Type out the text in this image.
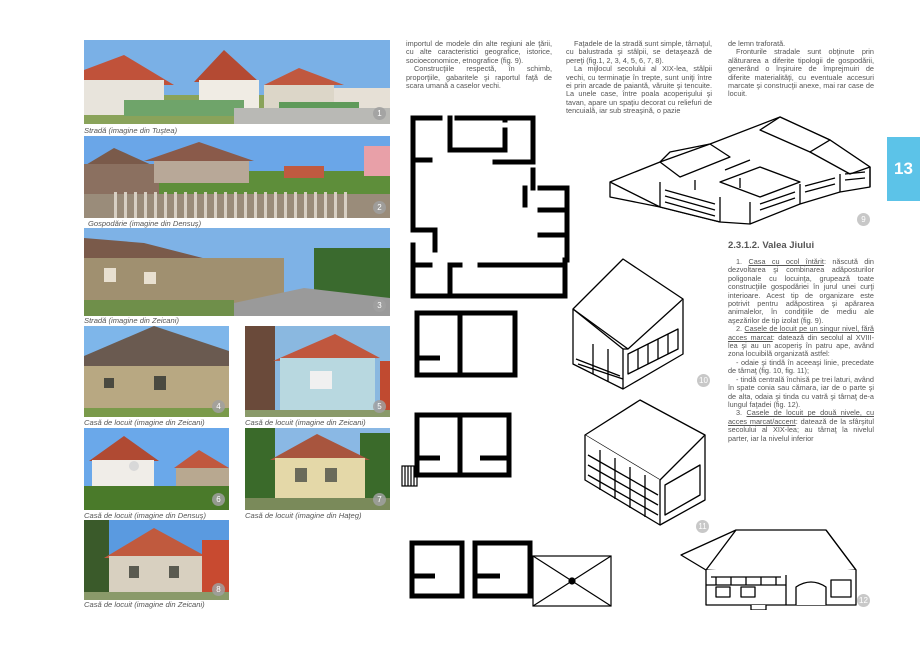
1
Stradă (imagine din Tuştea)
2
Gospodărie (imagine din Densuş)
3
Stradă (imagine din Zeicani)
4
Casă de locuit (imagine din Zeicani)
5
Casă de locuit (imagine din Zeicani)
6
Casă de locuit (imagine din Densuş)
7
Casă de locuit (imagine din Haţeg)
8
Casă de locuit (imagine din Zeicani)

importul de modele din alte regiuni ale ţării, cu alte caracteristici geografice, istorice, socioeconomice, etnografice (fig. 9).

Construcţiile respectă, în schimb, proporţiile, gabaritele şi raportul faţă de scara umană a caselor vechi.

Faţadele de la stradă sunt simple, târnaţul, cu balustrada şi stâlpii, se detaşează de pereţi (fig.1, 2, 3, 4, 5, 6, 7, 8).

La mijlocul secolului al XIX-lea, stâlpii vechi, cu terminaţie în trepte, sunt uniţi între ei prin arcade de paiantă, văruite şi tencuite. La unele case, între poala acoperişului şi tavan, apare un spaţiu decorat cu reliefuri de tencuială, iar sub streaşină, o pazie

de lemn traforată.

Fronturile stradale sunt obţinute prin alăturarea a diferite tipologii de gospodării, generând o înşiruire de împrejmuiri de diferite materialităţi, cu eventuale accesuri marcate şi construcţii anexe, mai rar case de locuit.

13
9
10
11
12
2.3.1.2. Valea Jiului

1. Casa cu ocol întărit: născută din dezvoltarea şi combinarea adăposturilor poligonale cu locuinţa, grupează toate construcţiile gospodăriei în jurul unei curţi interioare. Acest tip de organizare este potrivit pentru adăpostirea şi apărarea animalelor, în condiţiile de mediu ale aşezărilor de tip izolat (fig. 9).

2. Casele de locuit pe un singur nivel, fără acces marcat: datează din secolul al XVIII-lea şi au un acoperiş în patru ape, având zona locuibilă organizată astfel:

- odaie şi tindă în aceeaşi linie, precedate de târnaţ (fig. 10, fig. 11);

- tindă centrală închisă pe trei laturi, având în spate conia sau cămara, iar de o parte şi de alta, odaia şi tinda cu vatră şi târnaţ de-a lungul faţadei (fig. 12).

3. Casele de locuit pe două nivele, cu acces marcat/accent: datează de la sfârşitul secolului al XIX-lea; au târnaţ la nivelul parter, iar la nivelul inferior
